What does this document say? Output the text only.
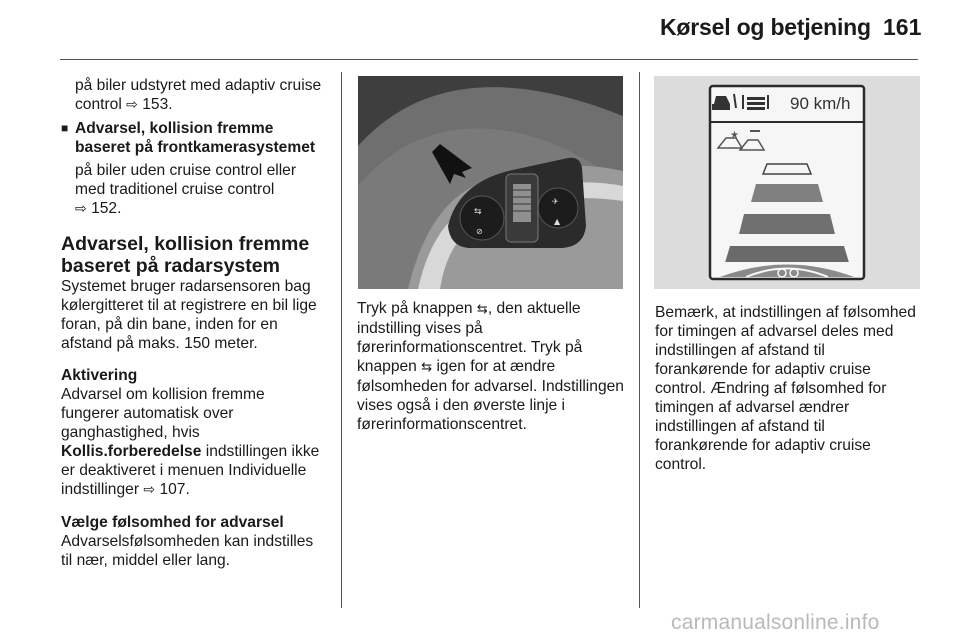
Kørsel og betjening 161

på biler udstyret med adaptiv cruise control ⇨ 153.

■ Advarsel, kollision fremme baseret på frontkamerasystemet

på biler uden cruise control eller med traditionel cruise control
⇨ 152.

Advarsel, kollision fremme baseret på radarsystem

Systemet bruger radarsensoren bag kølergitteret til at registrere en bil lige foran, på din bane, inden for en afstand på maks. 150 meter.

Aktivering

Advarsel om kollision fremme fungerer automatisk over ganghastighed, hvis Kollis.forberedelse indstillingen ikke er deaktiveret i menuen Individuelle indstillinger ⇨ 107.

Vælge følsomhed for advarsel

Advarselsfølsomheden kan indstilles til nær, middel eller lang.

⇆
⊘
✈
▲
90 km/h
★

Tryk på knappen ⇆, den aktuelle indstilling vises på førerinformationscentret. Tryk på knappen ⇆ igen for at ændre følsomheden for advarsel. Indstillingen vises også i den øverste linje i førerinformationscentret.

Bemærk, at indstillingen af følsomhed for timingen af advarsel deles med indstillingen af afstand til forankørende for adaptiv cruise control. Ændring af følsomhed for timingen af advarsel ændrer indstillingen af afstand til forankørende for adaptiv cruise control.

carmanualsonline.info
